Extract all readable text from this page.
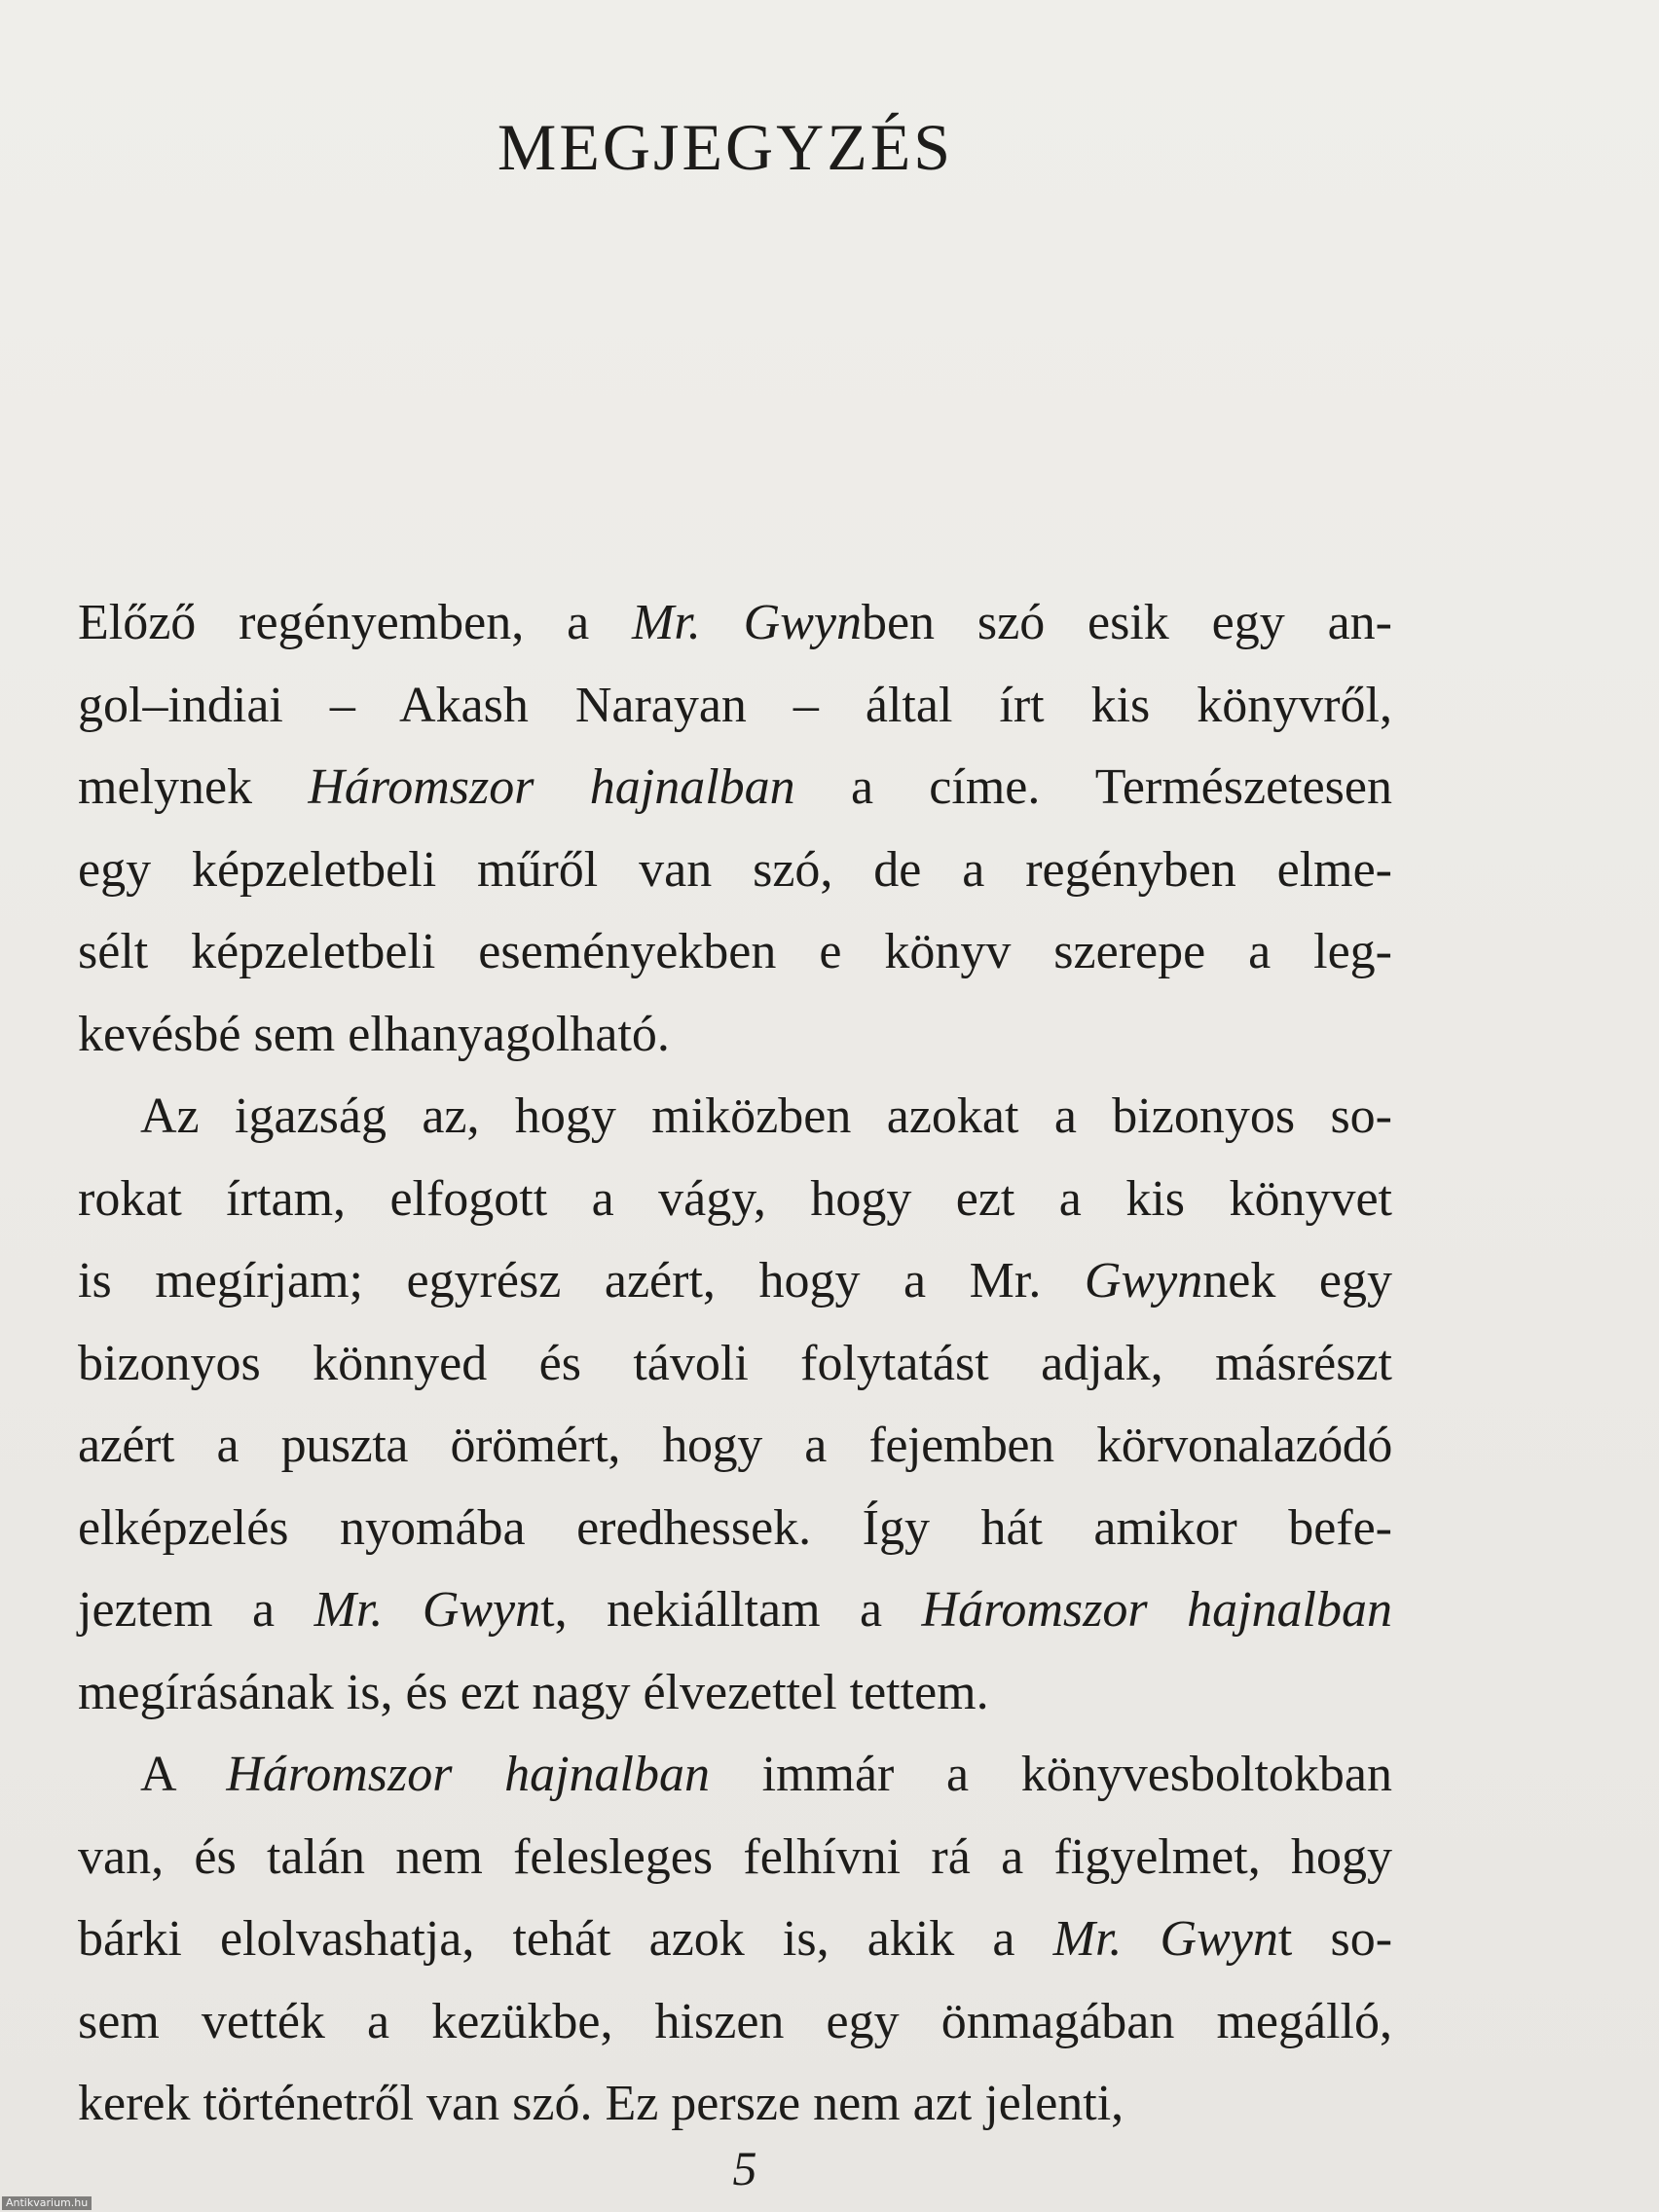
MEGJEGYZÉS
Előző regényemben, a Mr. Gwynben szó esik egy an-
gol–indiai – Akash Narayan – által írt kis könyvről,
melynek Háromszor hajnalban a címe. Természetesen
egy képzeletbeli műről van szó, de a regényben elme-
sélt képzeletbeli eseményekben e könyv szerepe a leg-
kevésbé sem elhanyagolható.
Az igazság az, hogy miközben azokat a bizonyos so-
rokat írtam, elfogott a vágy, hogy ezt a kis könyvet
is megírjam; egyrész azért, hogy a Mr. Gwynnek egy
bizonyos könnyed és távoli folytatást adjak, másrészt
azért a puszta örömért, hogy a fejemben körvonalazódó
elképzelés nyomába eredhessek. Így hát amikor befe-
jeztem a Mr. Gwynt, nekiálltam a Háromszor hajnalban
megírásának is, és ezt nagy élvezettel tettem.
A Háromszor hajnalban immár a könyvesboltokban
van, és talán nem felesleges felhívni rá a figyelmet, hogy
bárki elolvashatja, tehát azok is, akik a Mr. Gwynt so-
sem vették a kezükbe, hiszen egy önmagában megálló,
kerek történetről van szó. Ez persze nem azt jelenti,
5
Antikvarium.hu
